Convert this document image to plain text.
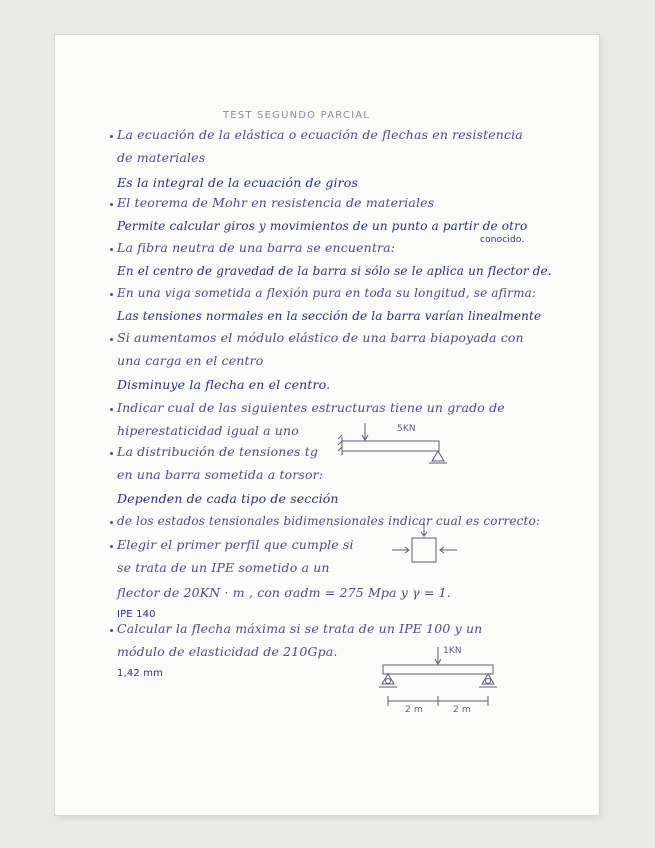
TEST SEGUNDO PARCIAL
La ecuación de la elástica o ecuación de flechas en resistencia
de materiales
Es la integral de la ecuación de giros
El teorema de Mohr en resistencia de materiales
Permite calcular giros y movimientos de un punto a partir de otro
conocido.
La fibra neutra de una barra se encuentra:
En el centro de gravedad de la barra si sólo se le aplica un flector de.
En una viga sometida a flexión pura en toda su longitud, se afirma:
Las tensiones normales en la sección de la barra varían linealmente
Si aumentamos el módulo elástico de una barra biapoyada con
una carga en el centro
Disminuye la flecha en el centro.
Indicar cual de las siguientes estructuras tiene un grado de
hiperestaticidad igual a uno	5KN
La distribución de tensiones tg
en una barra sometida a torsor:
Dependen de cada tipo de sección
de los estados tensionales bidimensionales indicar cual es correcto:
Elegir el primer perfil que cumple si
se trata de un IPE sometido a un
flector de 20KN · m , con σadm = 275 Mpa y γ = 1.
IPE 140
Calcular la flecha máxima si se trata de un IPE 100 y un
módulo de elasticidad de 210Gpa.
1,42 mm
1KN
2 m	2 m
